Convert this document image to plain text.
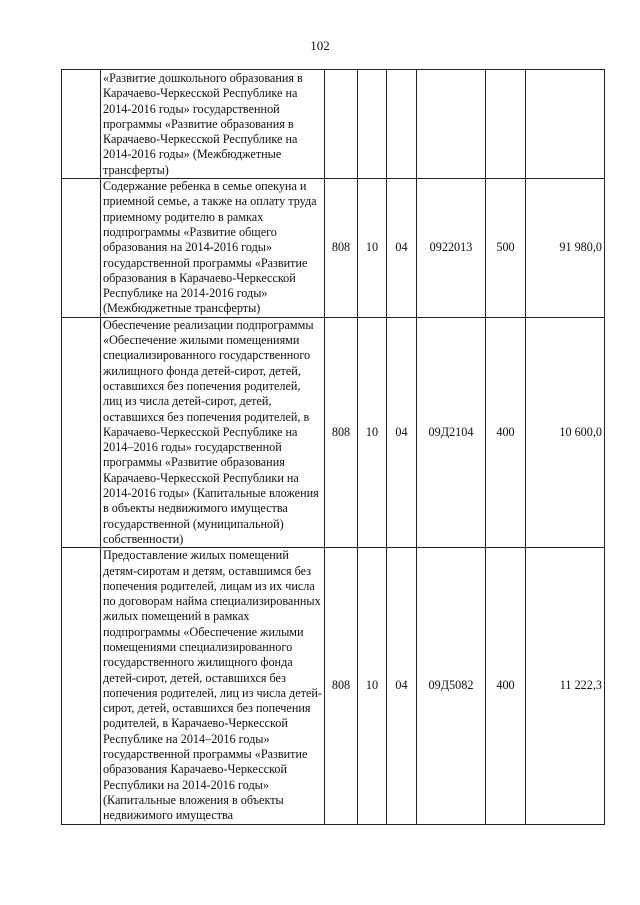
102
	«Развитие дошкольного образования в Карачаево-Черкесской Республике на 2014-2016 годы» государственной программы «Развитие образования в Карачаево-Черкесской Республике на 2014-2016 годы» (Межбюджетные трансферты)						
	Содержание ребенка в семье опекуна и приемной семье, а также на оплату труда приемному родителю в рамках подпрограммы «Развитие общего образования на 2014-2016 годы» государственной программы «Развитие образования в Карачаево-Черкесской Республике на 2014-2016 годы» (Межбюджетные трансферты)	808	10	04	0922013	500	91 980,0
	Обеспечение реализации подпрограммы «Обеспечение жилыми помещениями специализированного государственного жилищного фонда детей-сирот, детей, оставшихся без попечения родителей, лиц из числа детей-сирот, детей, оставшихся без попечения родителей, в Карачаево-Черкесской Республике на 2014–2016 годы» государственной программы «Развитие образования Карачаево-Черкесской Республики на 2014-2016 годы» (Капитальные вложения в объекты недвижимого имущества государственной (муниципальной) собственности)	808	10	04	09Д2104	400	10 600,0
	Предоставление жилых помещений детям-сиротам и детям, оставшимся без попечения родителей, лицам из их числа по договорам найма специализированных жилых помещений в рамках подпрограммы «Обеспечение жилыми помещениями специализированного государственного жилищного фонда детей-сирот, детей, оставшихся без попечения родителей, лиц из числа детей-сирот, детей, оставшихся без попечения родителей, в Карачаево-Черкесской Республике на 2014–2016 годы» государственной программы «Развитие образования Карачаево-Черкесской Республики на 2014-2016 годы» (Капитальные вложения в объекты недвижимого имущества	808	10	04	09Д5082	400	11 222,3
